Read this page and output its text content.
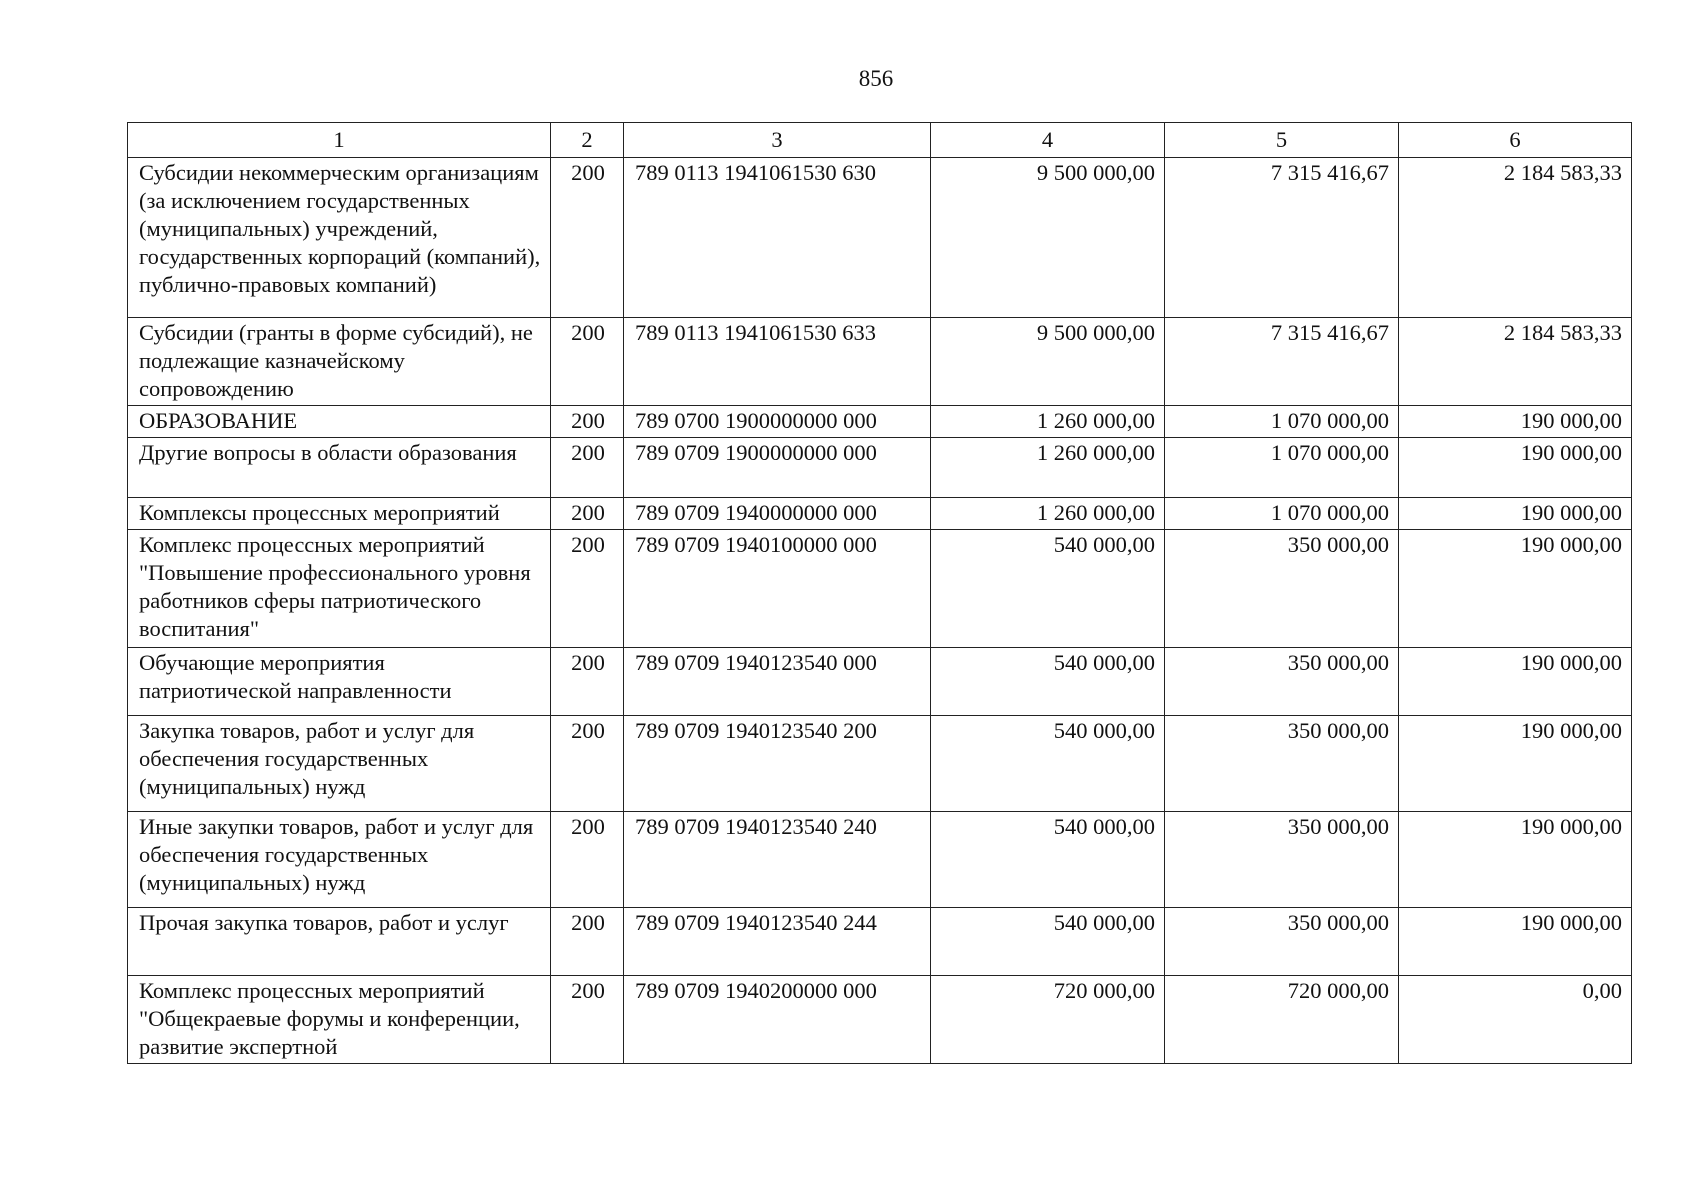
856
1	2	3	4	5	6
Субсидии некоммерческим организациям (за исключением государственных (муниципальных) учреждений, государственных корпораций (компаний), публично-правовых компаний)	200	789 0113 1941061530 630	9 500 000,00	7 315 416,67	2 184 583,33
Субсидии (гранты в форме субсидий), не подлежащие казначейскому сопровождению	200	789 0113 1941061530 633	9 500 000,00	7 315 416,67	2 184 583,33
ОБРАЗОВАНИЕ	200	789 0700 1900000000 000	1 260 000,00	1 070 000,00	190 000,00
Другие вопросы в области образования	200	789 0709 1900000000 000	1 260 000,00	1 070 000,00	190 000,00
Комплексы процессных мероприятий	200	789 0709 1940000000 000	1 260 000,00	1 070 000,00	190 000,00
Комплекс процессных мероприятий "Повышение профессионального уровня работников сферы патриотического воспитания"	200	789 0709 1940100000 000	540 000,00	350 000,00	190 000,00
Обучающие мероприятия патриотической направленности	200	789 0709 1940123540 000	540 000,00	350 000,00	190 000,00
Закупка товаров, работ и услуг для обеспечения государственных (муниципальных) нужд	200	789 0709 1940123540 200	540 000,00	350 000,00	190 000,00
Иные закупки товаров, работ и услуг для обеспечения государственных (муниципальных) нужд	200	789 0709 1940123540 240	540 000,00	350 000,00	190 000,00
Прочая закупка товаров, работ и услуг	200	789 0709 1940123540 244	540 000,00	350 000,00	190 000,00
Комплекс процессных мероприятий "Общекраевые форумы и конференции, развитие экспертной	200	789 0709 1940200000 000	720 000,00	720 000,00	0,00
